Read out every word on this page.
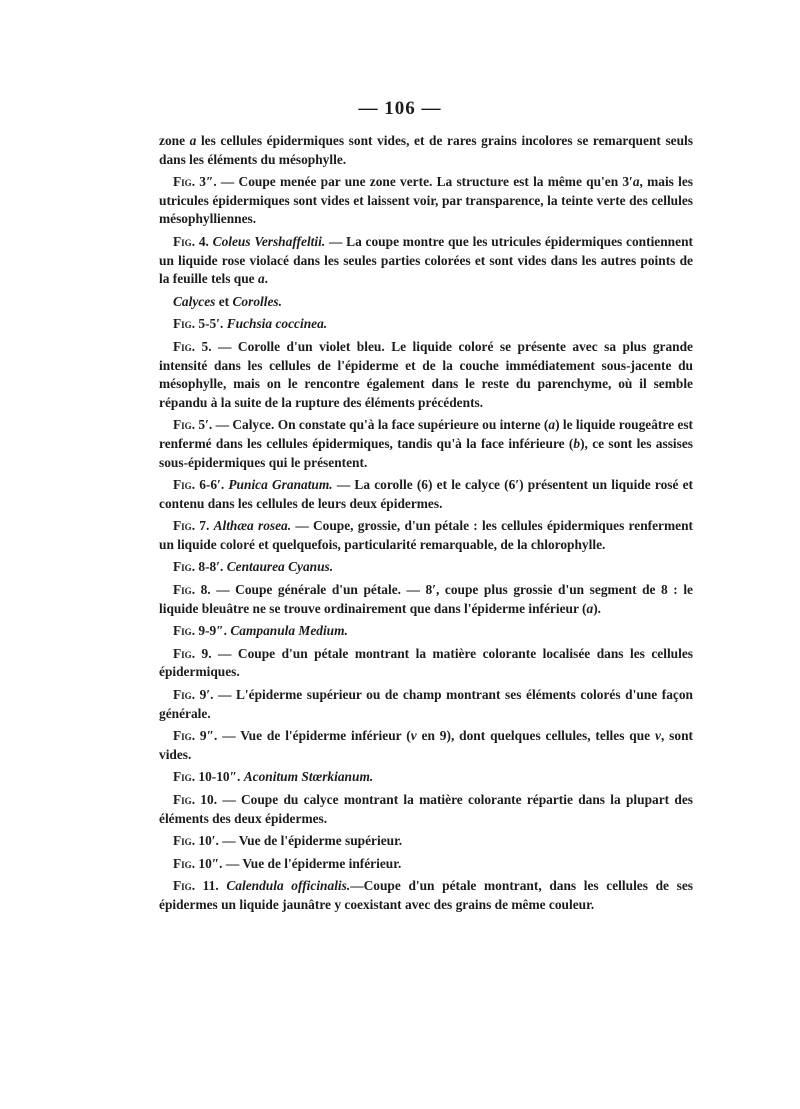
— 106 —

zone a les cellules épidermiques sont vides, et de rares grains incolores se remarquent seuls dans les éléments du mésophylle.

Fig. 3″. — Coupe menée par une zone verte. La structure est la même qu'en 3′a, mais les utricules épidermiques sont vides et laissent voir, par transparence, la teinte verte des cellules mésophylliennes.

Fig. 4. Coleus Vershaffeltii. — La coupe montre que les utricules épidermiques contiennent un liquide rose violacé dans les seules parties colorées et sont vides dans les autres points de la feuille tels que a.

Calyces et Corolles.

Fig. 5-5′. Fuchsia coccinea.

Fig. 5. — Corolle d'un violet bleu. Le liquide coloré se présente avec sa plus grande intensité dans les cellules de l'épiderme et de la couche immédiatement sous-jacente du mésophylle, mais on le rencontre également dans le reste du parenchyme, où il semble répandu à la suite de la rupture des éléments précédents.

Fig. 5′. — Calyce. On constate qu'à la face supérieure ou interne (a) le liquide rougeâtre est renfermé dans les cellules épidermiques, tandis qu'à la face inférieure (b), ce sont les assises sous-épidermiques qui le présentent.

Fig. 6-6′. Punica Granatum. — La corolle (6) et le calyce (6′) présentent un liquide rosé et contenu dans les cellules de leurs deux épidermes.

Fig. 7. Althæa rosea. — Coupe, grossie, d'un pétale : les cellules épidermiques renferment un liquide coloré et quelquefois, particularité remarquable, de la chlorophylle.

Fig. 8-8′. Centaurea Cyanus.

Fig. 8. — Coupe générale d'un pétale. — 8′, coupe plus grossie d'un segment de 8 : le liquide bleuâtre ne se trouve ordinairement que dans l'épiderme inférieur (a).

Fig. 9-9″. Campanula Medium.

Fig. 9. — Coupe d'un pétale montrant la matière colorante localisée dans les cellules épidermiques.

Fig. 9′. — L'épiderme supérieur ou de champ montrant ses éléments colorés d'une façon générale.

Fig. 9″. — Vue de l'épiderme inférieur (v en 9), dont quelques cellules, telles que v, sont vides.

Fig. 10-10″. Aconitum Stœrkianum.

Fig. 10. — Coupe du calyce montrant la matière colorante répartie dans la plupart des éléments des deux épidermes.

Fig. 10′. — Vue de l'épiderme supérieur.

Fig. 10″. — Vue de l'épiderme inférieur.

Fig. 11. Calendula officinalis.—Coupe d'un pétale montrant, dans les cellules de ses épidermes un liquide jaunâtre y coexistant avec des grains de même couleur.
